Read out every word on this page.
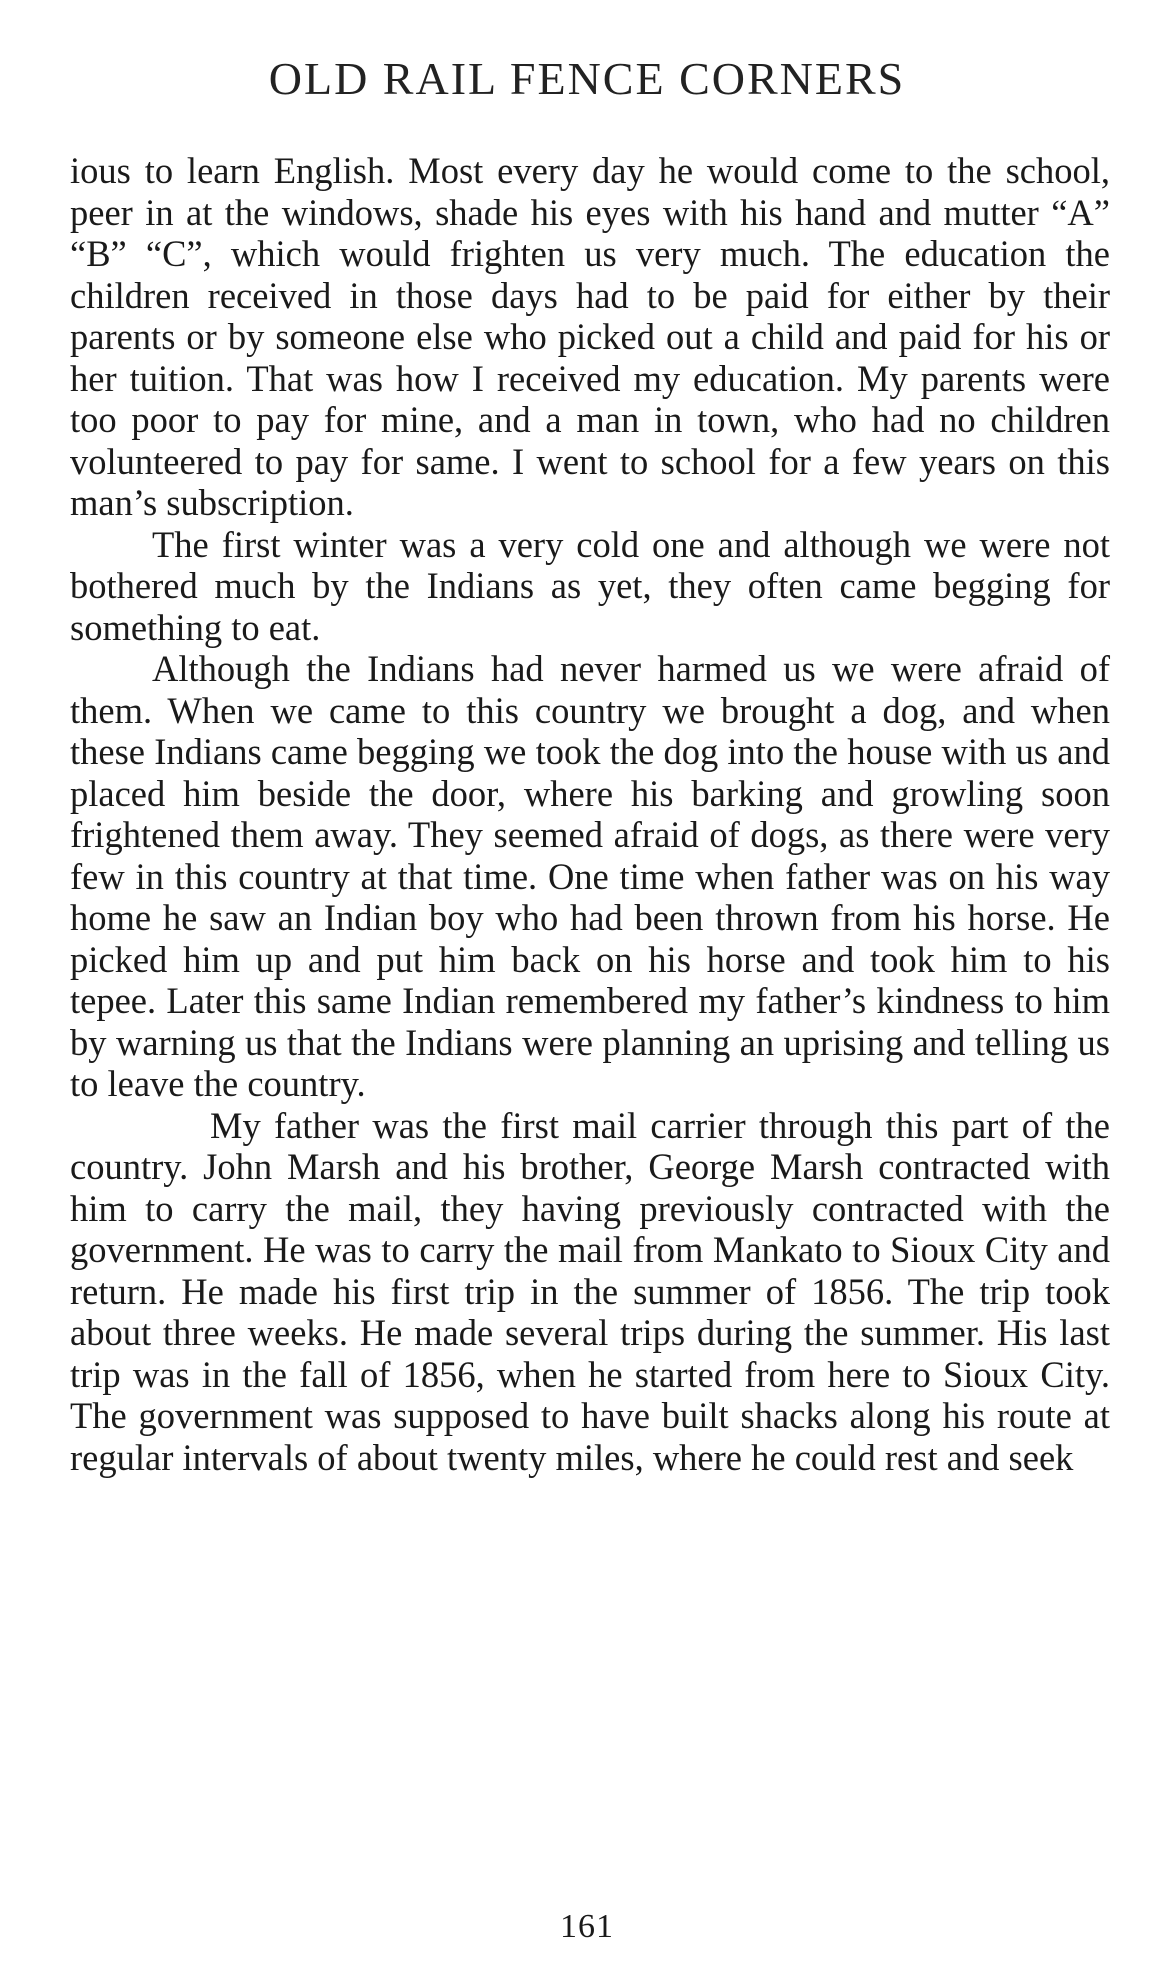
OLD RAIL FENCE CORNERS

ious to learn English. Most every day he would come to the school, peer in at the windows, shade his eyes with his hand and mutter “A” “B” “C”, which would frighten us very much. The education the children received in those days had to be paid for either by their parents or by someone else who picked out a child and paid for his or her tuition. That was how I received my education. My parents were too poor to pay for mine, and a man in town, who had no children volunteered to pay for same. I went to school for a few years on this man’s subscription.

The first winter was a very cold one and although we were not bothered much by the Indians as yet, they often came begging for something to eat.

Although the Indians had never harmed us we were afraid of them. When we came to this country we brought a dog, and when these Indians came begging we took the dog into the house with us and placed him beside the door, where his barking and growling soon frightened them away. They seemed afraid of dogs, as there were very few in this country at that time. One time when father was on his way home he saw an Indian boy who had been thrown from his horse. He picked him up and put him back on his horse and took him to his tepee. Later this same Indian remembered my father’s kindness to him by warning us that the Indians were planning an uprising and telling us to leave the country.

My father was the first mail carrier through this part of the country. John Marsh and his brother, George Marsh contracted with him to carry the mail, they having previously contracted with the government. He was to carry the mail from Mankato to Sioux City and return. He made his first trip in the summer of 1856. The trip took about three weeks. He made several trips during the summer. His last trip was in the fall of 1856, when he started from here to Sioux City. The government was supposed to have built shacks along his route at regular intervals of about twenty miles, where he could rest and seek

161
